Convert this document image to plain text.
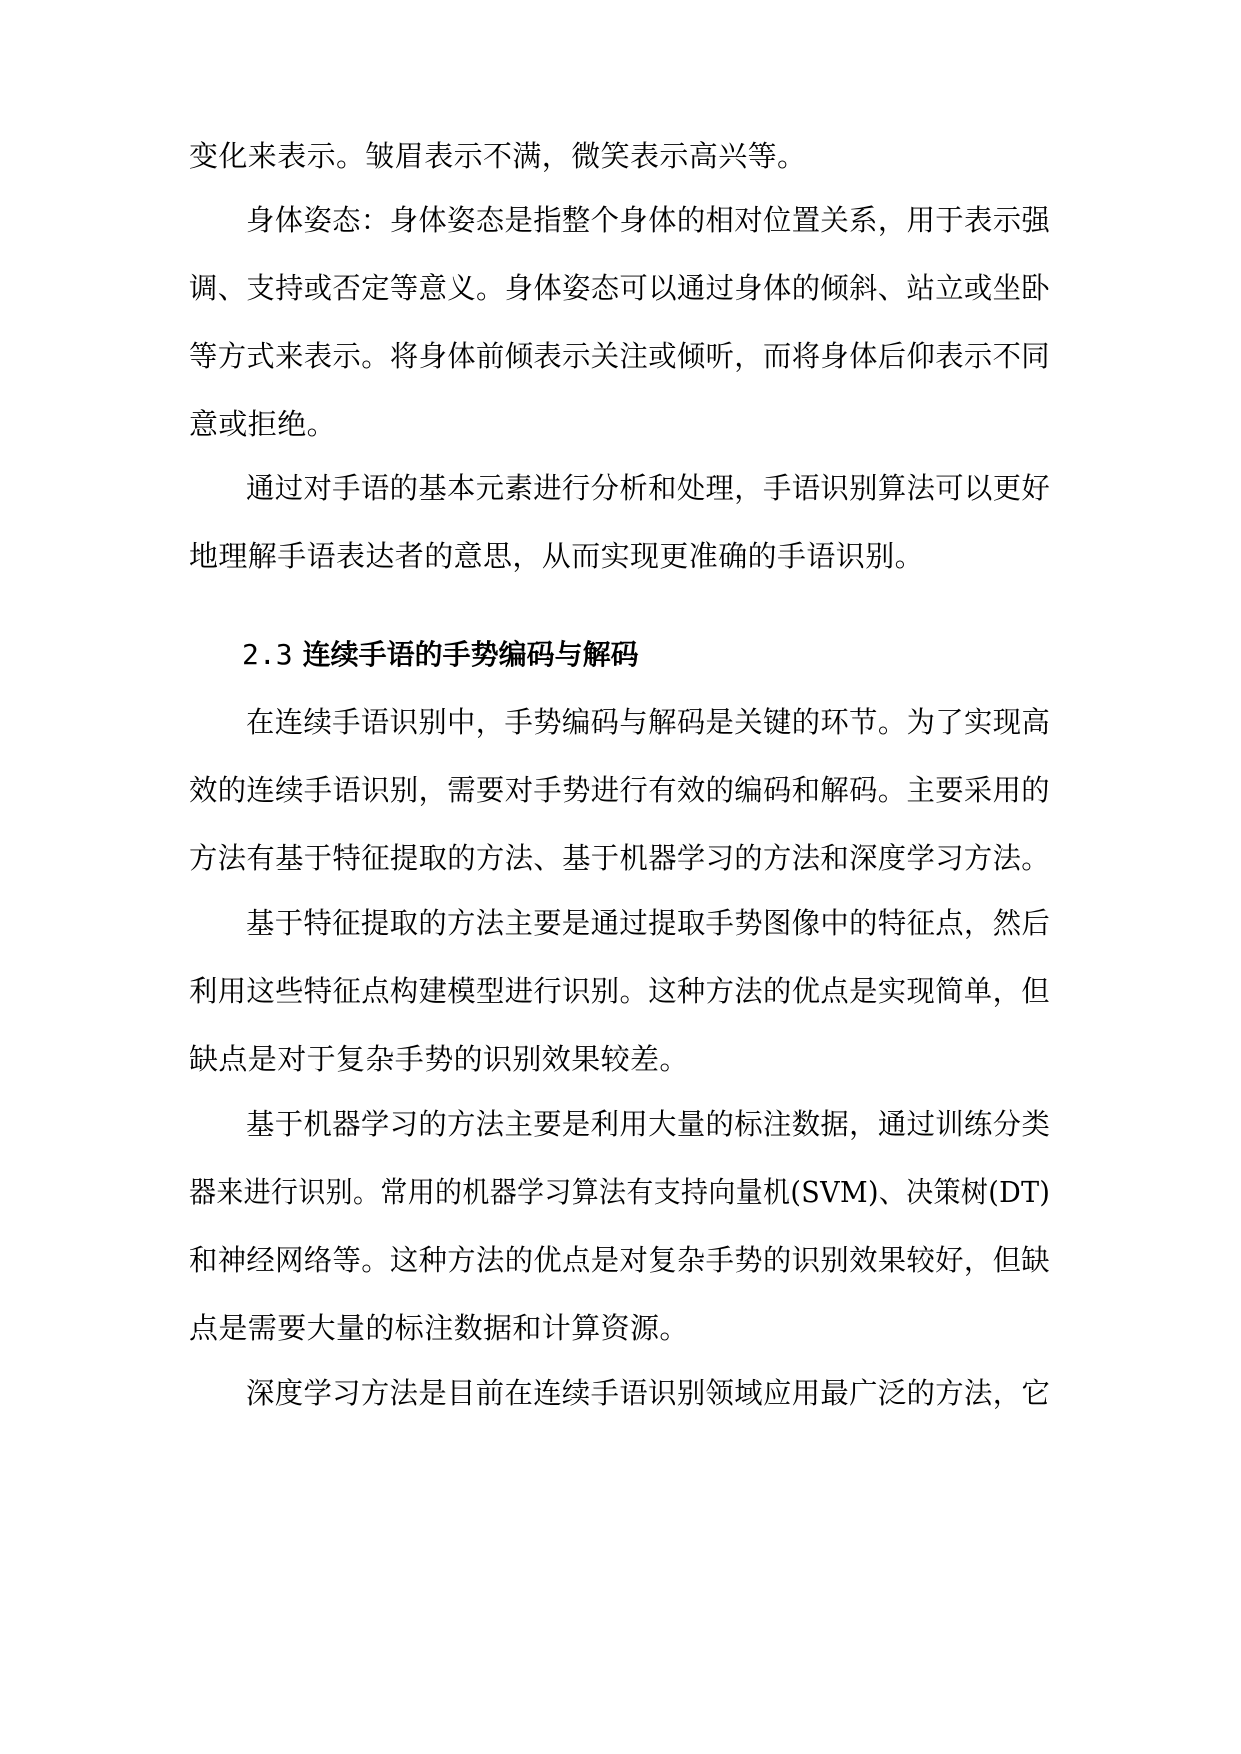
变化来表示。皱眉表示不满，微笑表示高兴等。
身体姿态：身体姿态是指整个身体的相对位置关系，用于表示强
调、支持或否定等意义。身体姿态可以通过身体的倾斜、站立或坐卧
等方式来表示。将身体前倾表示关注或倾听，而将身体后仰表示不同
意或拒绝。
通过对手语的基本元素进行分析和处理，手语识别算法可以更好
地理解手语表达者的意思，从而实现更准确的手语识别。
2.3 连续手语的手势编码与解码
在连续手语识别中，手势编码与解码是关键的环节。为了实现高
效的连续手语识别，需要对手势进行有效的编码和解码。主要采用的
方法有基于特征提取的方法、基于机器学习的方法和深度学习方法。
基于特征提取的方法主要是通过提取手势图像中的特征点，然后
利用这些特征点构建模型进行识别。这种方法的优点是实现简单，但
缺点是对于复杂手势的识别效果较差。
基于机器学习的方法主要是利用大量的标注数据，通过训练分类
器来进行识别。常用的机器学习算法有支持向量机(SVM)、决策树(DT)
和神经网络等。这种方法的优点是对复杂手势的识别效果较好，但缺
点是需要大量的标注数据和计算资源。
深度学习方法是目前在连续手语识别领域应用最广泛的方法，它
